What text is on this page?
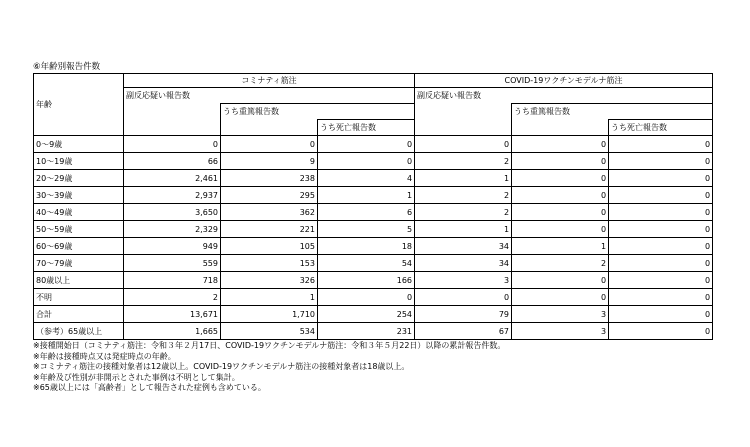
⑥年齢別報告件数
年齢	コミナティ筋注			COVID-19ワクチンモデルナ筋注		
	副反応疑い報告数			副反応疑い報告数		
		うち重篤報告数			うち重篤報告数	
			うち死亡報告数			うち死亡報告数
0〜9歳	0	0	0	0	0	0
10〜19歳	66	9	0	2	0	0
20〜29歳	2,461	238	4	1	0	0
30〜39歳	2,937	295	1	2	0	0
40〜49歳	3,650	362	6	2	0	0
50〜59歳	2,329	221	5	1	0	0
60〜69歳	949	105	18	34	1	0
70〜79歳	559	153	54	34	2	0
80歳以上	718	326	166	3	0	0
不明	2	1	0	0	0	0
合計	13,671	1,710	254	79	3	0
（参考）65歳以上	1,665	534	231	67	3	0
※接種開始日（コミナティ筋注：令和３年２月17日、COVID-19ワクチンモデルナ筋注：令和３年５月22日）以降の累計報告件数。
※年齢は接種時点又は発症時点の年齢。
※コミナティ筋注の接種対象者は12歳以上。COVID-19ワクチンモデルナ筋注の接種対象者は18歳以上。
※年齢及び性別が非開示とされた事例は不明として集計。
※65歳以上には「高齢者」として報告された症例も含めている。
